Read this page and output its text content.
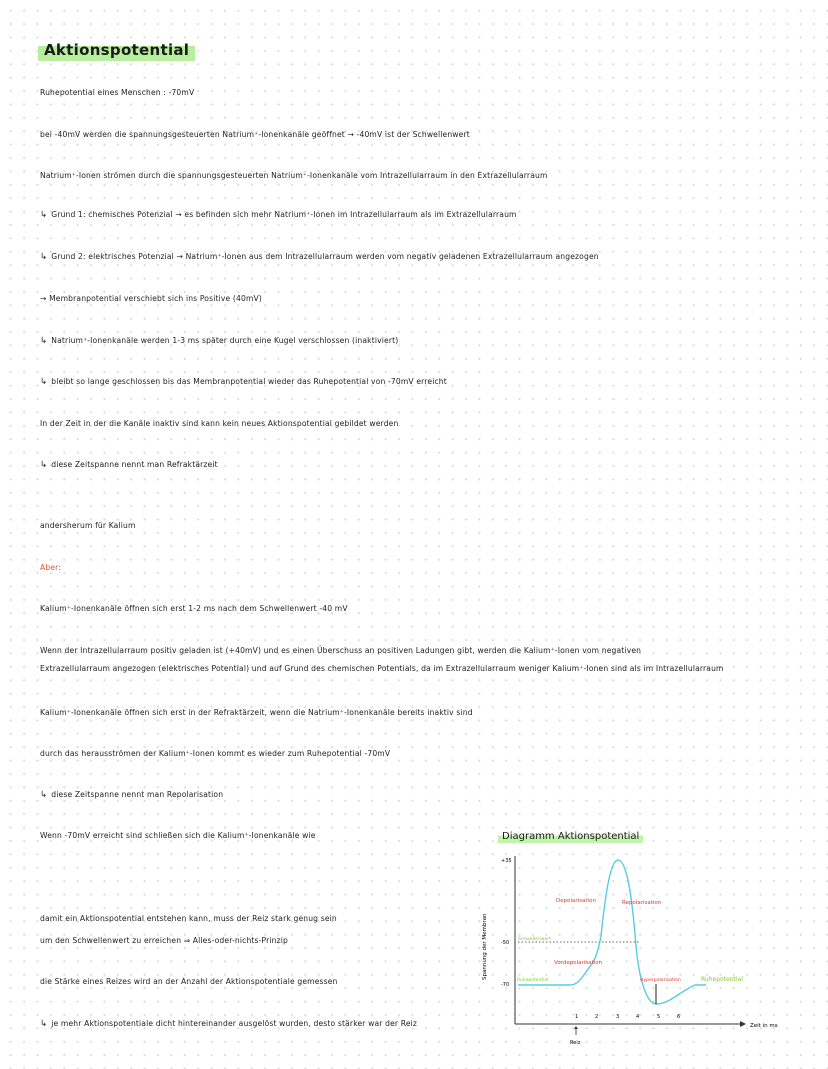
Aktionspotential
Ruhepotential eines Menschen : -70mV
bei -40mV werden die spannungsgesteuerten Natrium⁺-Ionenkanäle geöffnet → -40mV ist der Schwellenwert
Natrium⁺-Ionen strömen durch die spannungsgesteuerten Natrium⁺-Ionenkanäle vom Intrazellularraum in den Extrazellularraum
↳ Grund 1: chemisches Potenzial → es befinden sich mehr Natrium⁺-Ionen im Intrazellularraum als im Extrazellularraum
↳ Grund 2: elektrisches Potenzial → Natrium⁺-Ionen aus dem Intrazellularraum werden vom negativ geladenen Extrazellularraum angezogen
→ Membranpotential verschiebt sich ins Positive (40mV)
↳ Natrium⁺-Ionenkanäle werden 1-3 ms später durch eine Kugel verschlossen (inaktiviert)
↳ bleibt so lange geschlossen bis das Membranpotential wieder das Ruhepotential von -70mV erreicht
In der Zeit in der die Kanäle inaktiv sind kann kein neues Aktionspotential gebildet werden
↳ diese Zeitspanne nennt man Refraktärzeit
andersherum für Kalium
Aber:
Kalium⁺-Ionenkanäle öffnen sich erst 1-2 ms nach dem Schwellenwert -40 mV
Wenn der Intrazellularraum positiv geladen ist (+40mV) und es einen Überschuss an positiven Ladungen gibt, werden die Kalium⁺-Ionen vom negativen
Extrazellularraum angezogen (elektrisches Potential) und auf Grund des chemischen Potentials, da im Extrazellularraum weniger Kalium⁺-Ionen sind als im Intrazellularraum
Kalium⁺-Ionenkanäle öffnen sich erst in der Refraktärzeit, wenn die Natrium⁺-Ionenkanäle bereits inaktiv sind
durch das herausströmen der Kalium⁺-Ionen kommt es wieder zum Ruhepotential -70mV
↳ diese Zeitspanne nennt man Repolarisation
Wenn -70mV erreicht sind schließen sich die Kalium⁺-Ionenkanäle wie
damit ein Aktionspotential entstehen kann, muss der Reiz stark genug sein
um den Schwellenwert zu erreichen ⇒ Alles-oder-nichts-Prinzip
die Stärke eines Reizes wird an der Anzahl der Aktionspotentiale gemessen
↳ je mehr Aktionspotentiale dicht hintereinander ausgelöst wurden, desto stärker war der Reiz
Diagramm Aktionspotential
+35
-50
-70
Spannung der Membran
1	2	3	4	5	6
Zeit in ms
Reiz
Depolarisation	Repolarisation
Vordepolarisation
Hyperpolarisation	Ruhepotential
Ruhepotential
Schwellenwert
